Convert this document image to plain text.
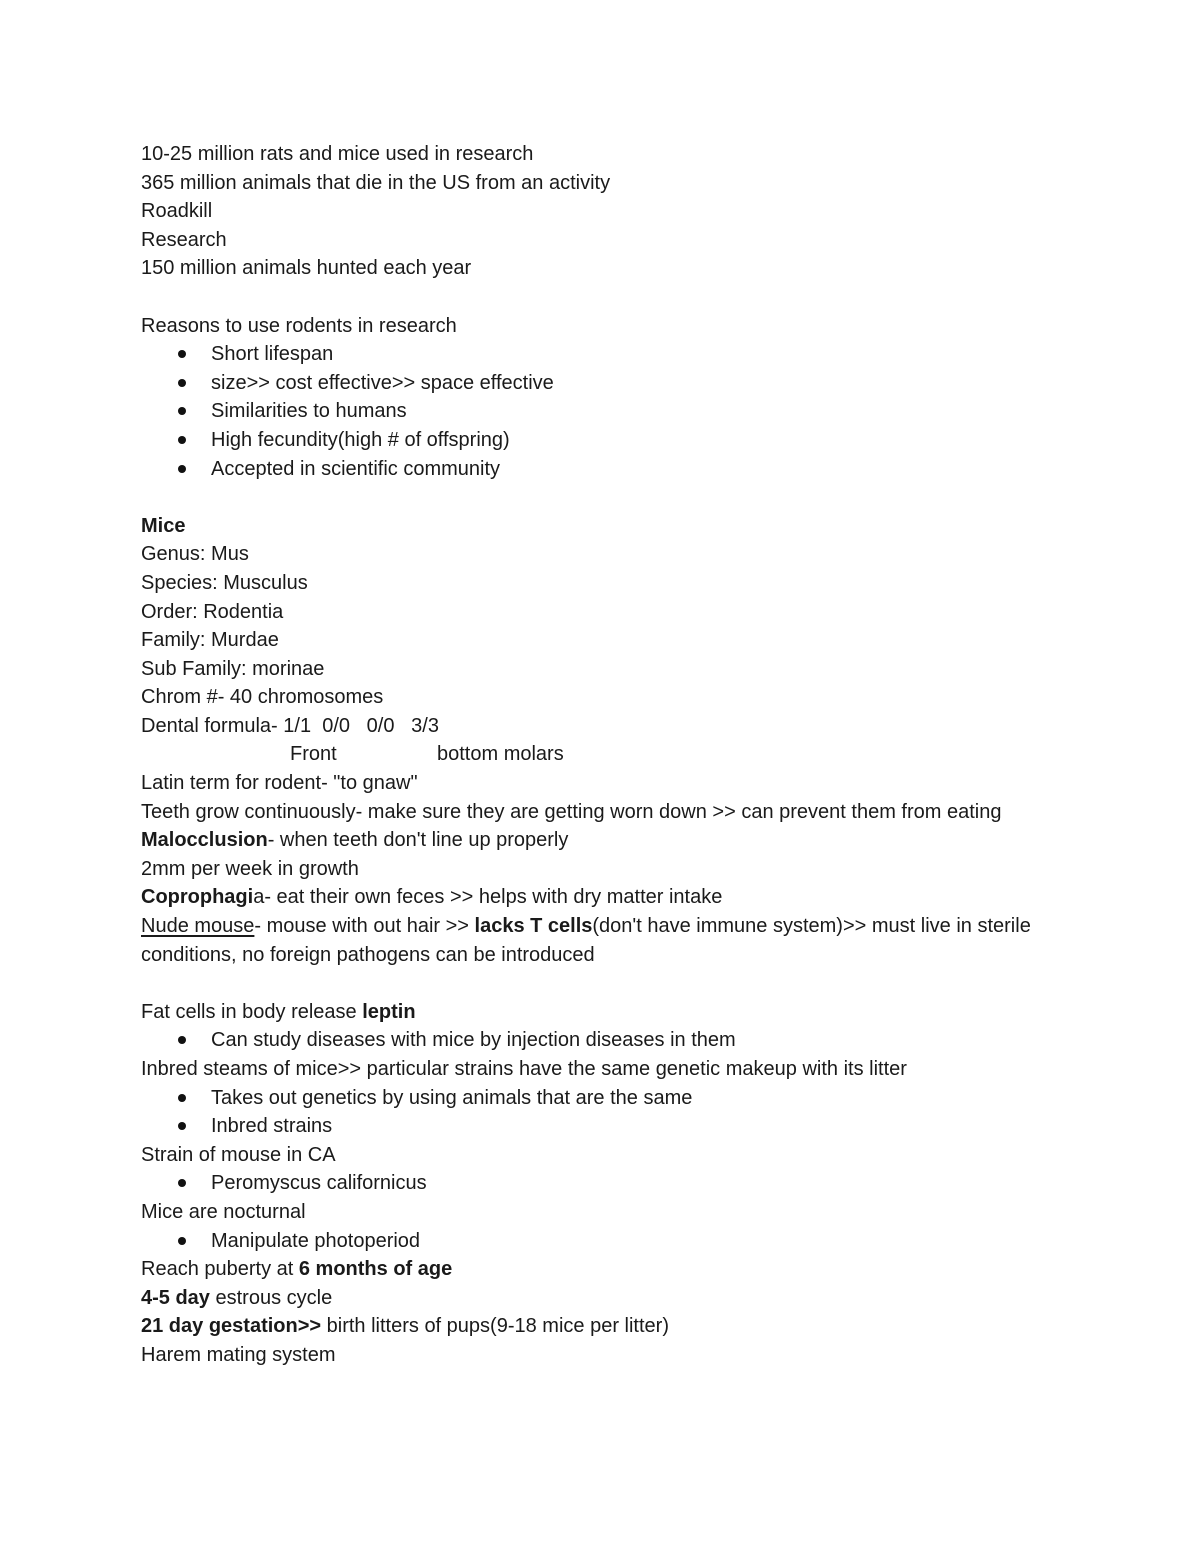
10-25 million rats and mice used in research
365 million animals that die in the US from an activity
Roadkill
Research
150 million animals hunted each year
Reasons to use rodents in research
Short lifespan
size>> cost effective>> space effective
Similarities to humans
High fecundity(high # of offspring)
Accepted in scientific community
Mice
Genus: Mus
Species: Musculus
Order: Rodentia
Family: Murdae
Sub Family: morinae
Chrom #- 40 chromosomes
Dental formula- 1/1  0/0   0/0   3/3
Front	bottom molars
Latin term for rodent- "to gnaw"
Teeth grow continuously- make sure they are getting worn down >> can prevent them from eating
Malocclusion- when teeth don't line up properly
2mm per week in growth
Coprophagia- eat their own feces >> helps with dry matter intake
Nude mouse- mouse with out hair >> lacks T cells(don't have immune system)>> must live in sterile conditions, no foreign pathogens can be introduced
Fat cells in body release leptin
Can study diseases with mice by injection diseases in them
Inbred steams of mice>> particular strains have the same genetic makeup with its litter
Takes out genetics by using animals that are the same
Inbred strains
Strain of mouse in CA
Peromyscus californicus
Mice are nocturnal
Manipulate photoperiod
Reach puberty at 6 months of age
4-5 day estrous cycle
21 day gestation>> birth litters of pups(9-18 mice per litter)
Harem mating system
